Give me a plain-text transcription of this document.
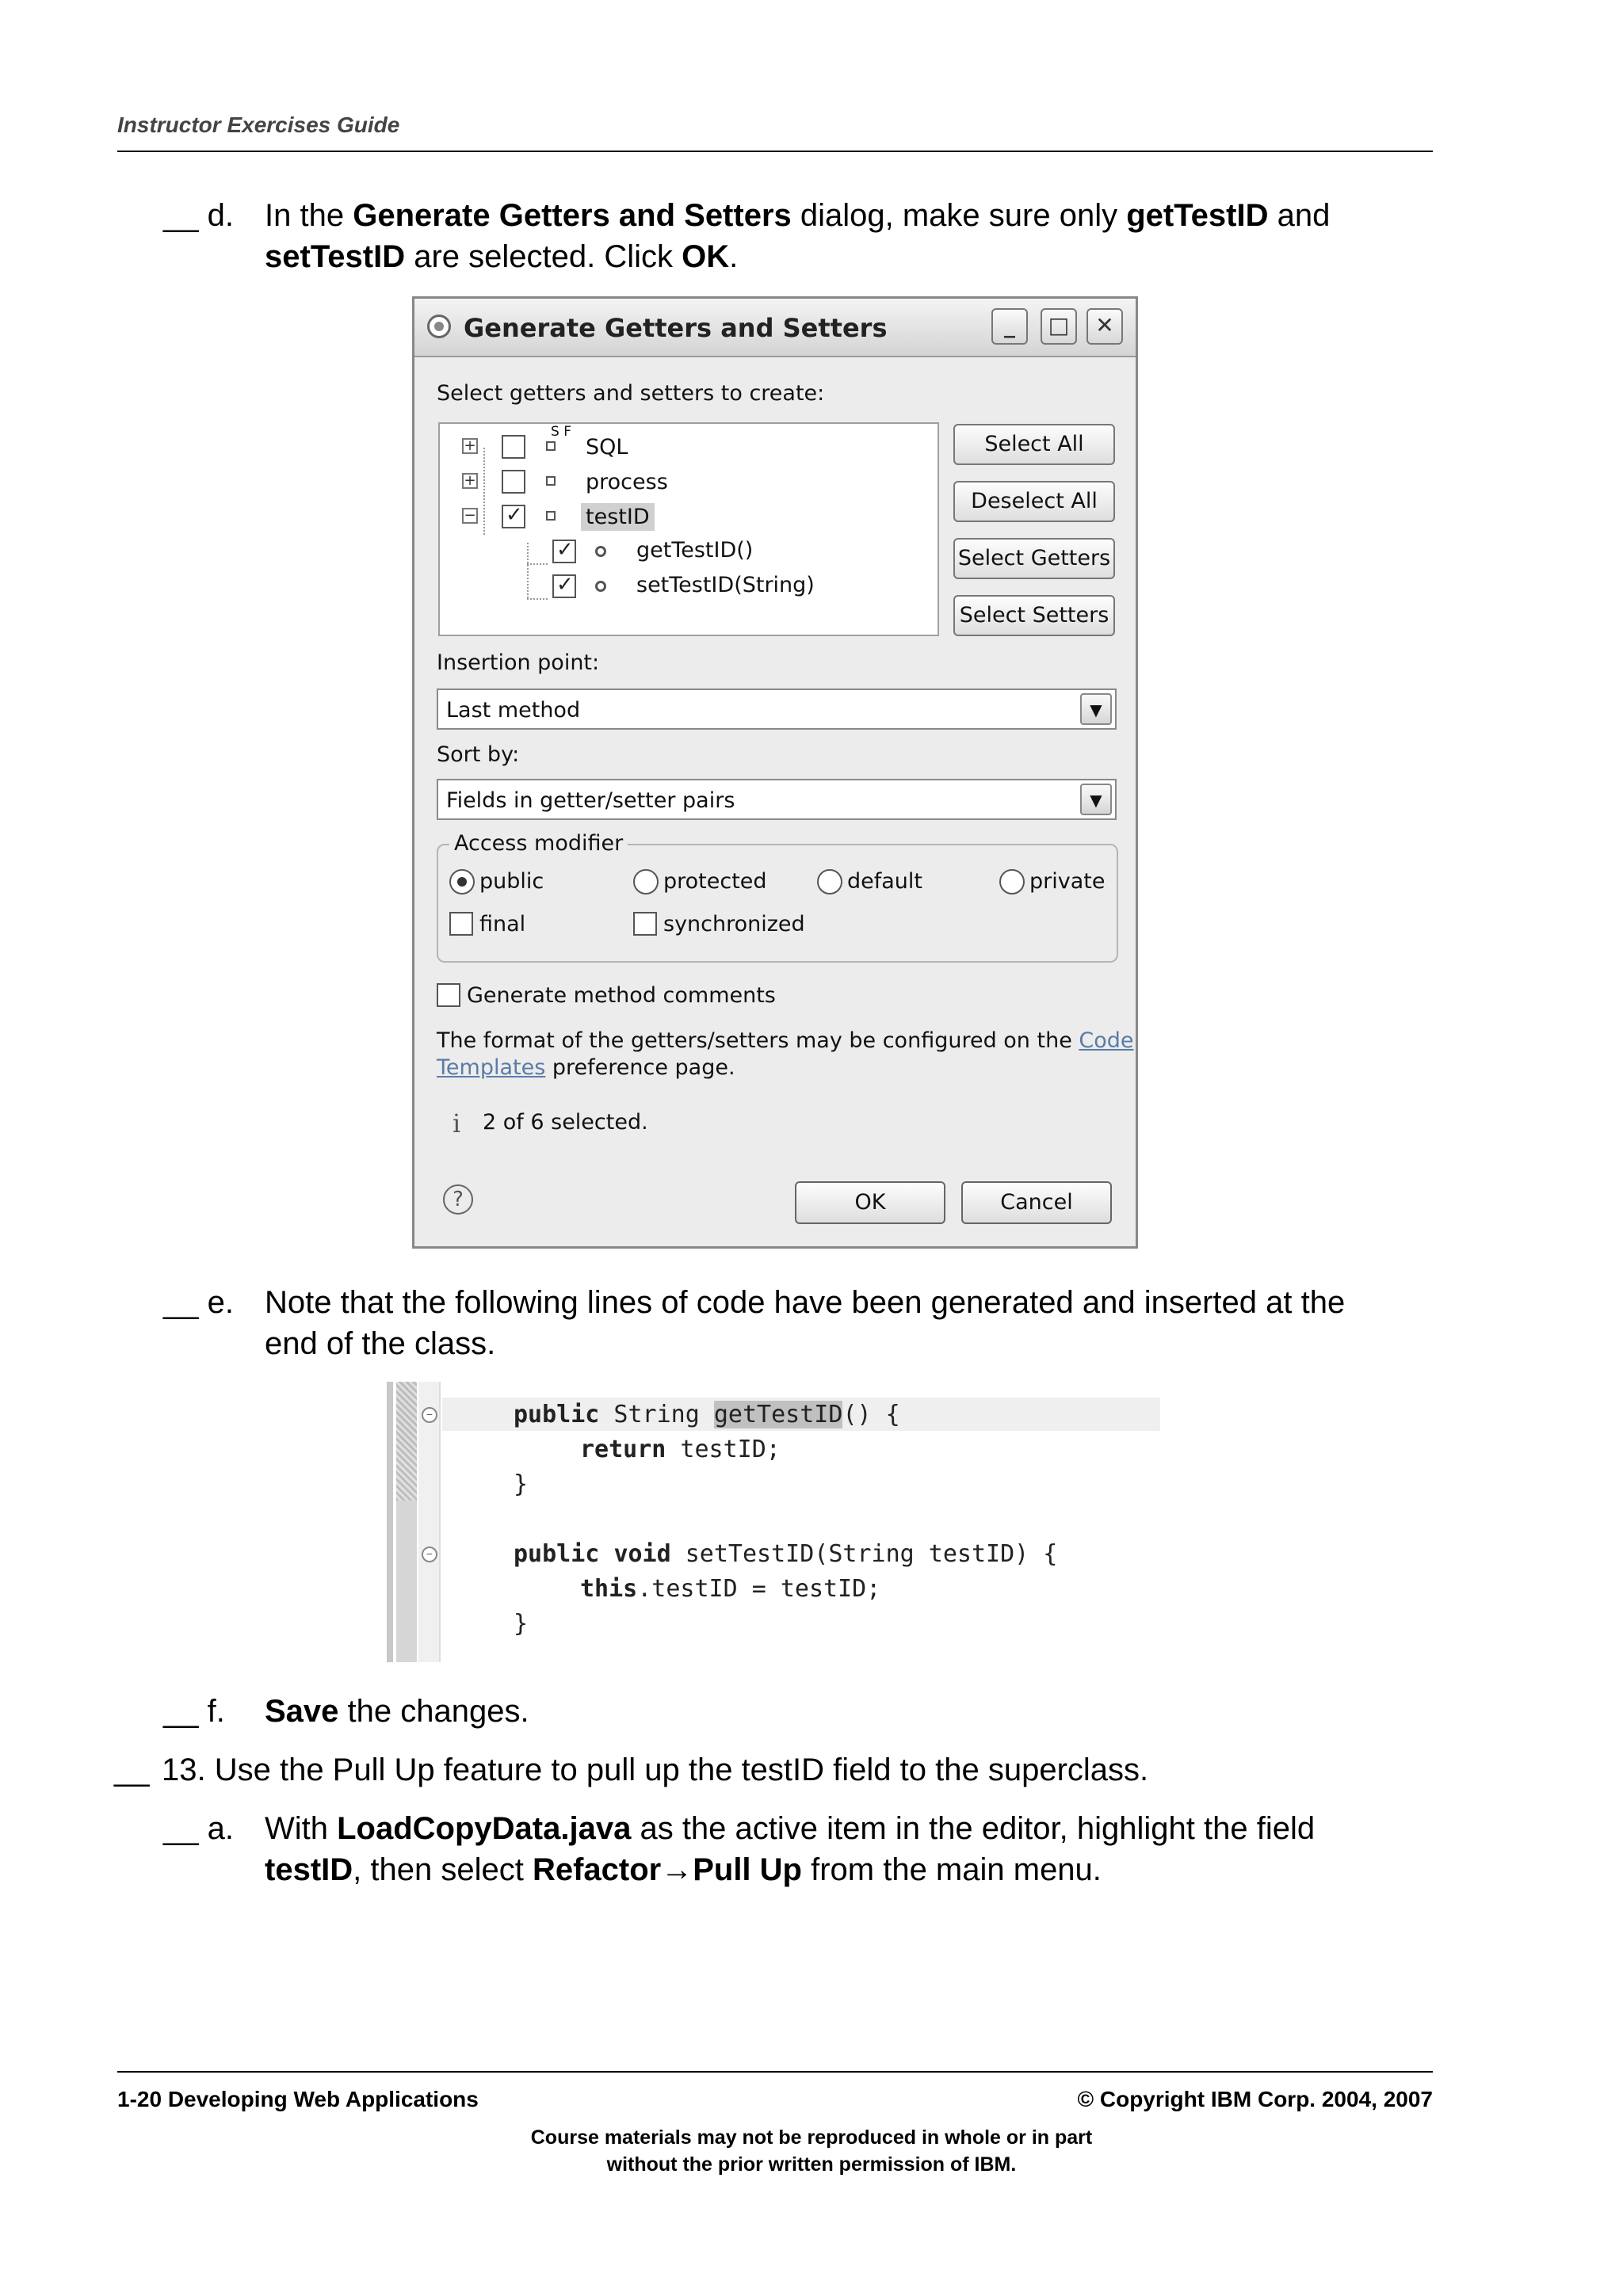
Instructor Exercises Guide
__ d. In the Generate Getters and Setters dialog, make sure only getTestID and
setTestID are selected. Click OK.
Generate Getters and Setters	_	□	✕
Select getters and setters to create:
+
S F
SQL
+	process
−
✓	testID
✓
getTestID()
✓
setTestID(String)
Select All
Deselect All
Select Getters
Select Setters
Insertion point:
Last method	▼
Sort by:
Fields in getter/setter pairs	▼
Access modifier
public	protected	default	private
final	synchronized
Generate method comments
The format of the getters/setters may be configured on the Code
Templates preference page.
i 2 of 6 selected.
?	OK	Cancel
__ e. Note that the following lines of code have been generated and inserted at the
end of the class.
−
−
public String getTestID() {
return testID;
}
public void setTestID(String testID) {
this.testID = testID;
}
__ f. Save the changes.
__ 13. Use the Pull Up feature to pull up the testID field to the superclass.
__ a. With LoadCopyData.java as the active item in the editor, highlight the field
testID, then select Refactor→Pull Up from the main menu.
1-20 Developing Web Applications	© Copyright IBM Corp. 2004, 2007
Course materials may not be reproduced in whole or in part
without the prior written permission of IBM.
